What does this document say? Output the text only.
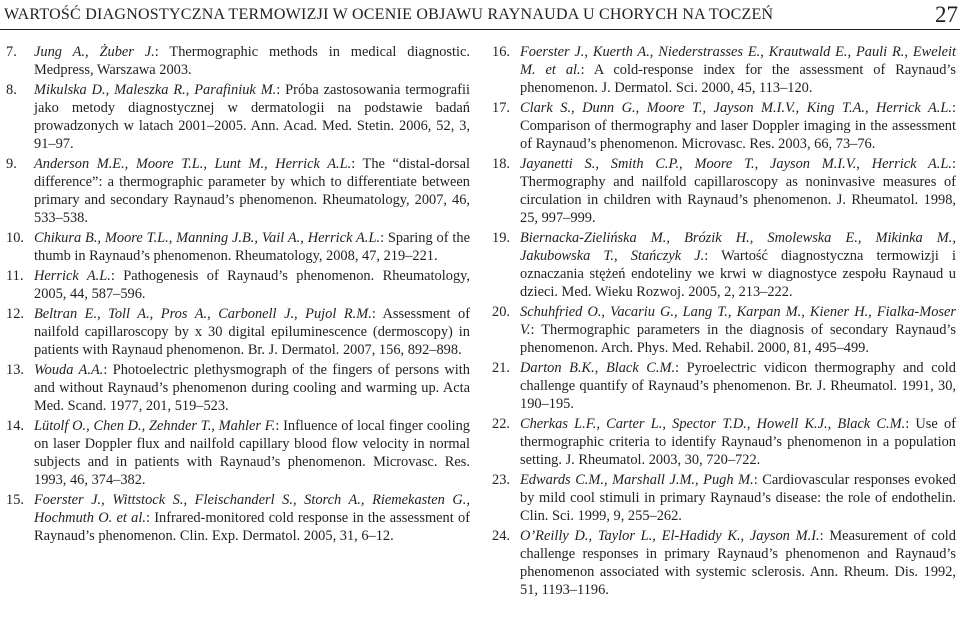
WARTOŚĆ DIAGNOSTYCZNA TERMOWIZJI W OCENIE OBJAWU RAYNAUDA U CHORYCH NA TOCZEŃ	27
7.	Jung A., Żuber J.: Thermographic methods in medical diagnostic. Medpress, Warszawa 2003.
8.	Mikulska D., Maleszka R., Parafiniuk M.: Próba zastosowania termografii jako metody diagnostycznej w dermatologii na podstawie badań prowadzonych w latach 2001–2005. Ann. Acad. Med. Stetin. 2006, 52, 3, 91–97.
9.	Anderson M.E., Moore T.L., Lunt M., Herrick A.L.: The “distal-dorsal difference”: a thermographic parameter by which to differentiate between primary and secondary Raynaud’s phenomenon. Rheumatology, 2007, 46, 533–538.
10. Chikura B., Moore T.L., Manning J.B., Vail A., Herrick A.L.: Sparing of the thumb in Raynaud’s phenomenon. Rheumatology, 2008, 47, 219–221.
11. Herrick A.L.: Pathogenesis of Raynaud’s phenomenon. Rheumatology, 2005, 44, 587–596.
12. Beltran E., Toll A., Pros A., Carbonell J., Pujol R.M.: Assessment of nailfold capillaroscopy by x 30 digital epiluminescence (dermoscopy) in patients with Raynaud phenomenon. Br. J. Dermatol. 2007, 156, 892–898.
13. Wouda A.A.: Photoelectric plethysmograph of the fingers of persons with and without Raynaud’s phenomenon during cooling and warming up. Acta Med. Scand. 1977, 201, 519–523.
14. Lütolf O., Chen D., Zehnder T., Mahler F.: Influence of local finger cooling on laser Doppler flux and nailfold capillary blood flow velocity in normal subjects and in patients with Raynaud’s phenomenon. Microvasc. Res. 1993, 46, 374–382.
15. Foerster J., Wittstock S., Fleischanderl S., Storch A., Riemekasten G., Hochmuth O. et al.: Infrared-monitored cold response in the assessment of Raynaud’s phenomenon. Clin. Exp. Dermatol. 2005, 31, 6–12.
16. Foerster J., Kuerth A., Niederstrasses E., Krautwald E., Pauli R., Eweleit M. et al.: A cold-response index for the assessment of Raynaud’s phenomenon. J. Dermatol. Sci. 2000, 45, 113–120.
17. Clark S., Dunn G., Moore T., Jayson M.I.V., King T.A., Herrick A.L.: Comparison of thermography and laser Doppler imaging in the assessment of Raynaud’s phenomenon. Microvasc. Res. 2003, 66, 73–76.
18. Jayanetti S., Smith C.P., Moore T., Jayson M.I.V., Herrick A.L.: Thermography and nailfold capillaroscopy as noninvasive measures of circulation in children with Raynaud’s phenomenon. J. Rheumatol. 1998, 25, 997–999.
19. Biernacka-Zielińska M., Brózik H., Smolewska E., Mikinka M., Jakubowska T., Stańczyk J.: Wartość diagnostyczna termowizji i oznaczania stężeń endoteliny we krwi w diagnostyce zespołu Raynaud u dzieci. Med. Wieku Rozwoj. 2005, 2, 213–222.
20. Schuhfried O., Vacariu G., Lang T., Karpan M., Kiener H., Fialka-Moser V.: Thermographic parameters in the diagnosis of secondary Raynaud’s phenomenon. Arch. Phys. Med. Rehabil. 2000, 81, 495–499.
21. Darton B.K., Black C.M.: Pyroelectric vidicon thermography and cold challenge quantify of Raynaud’s phenomenon. Br. J. Rheumatol. 1991, 30, 190–195.
22. Cherkas L.F., Carter L., Spector T.D., Howell K.J., Black C.M.: Use of thermographic criteria to identify Raynaud’s phenomenon in a population setting. J. Rheumatol. 2003, 30, 720–722.
23. Edwards C.M., Marshall J.M., Pugh M.: Cardiovascular responses evoked by mild cool stimuli in primary Raynaud’s disease: the role of endothelin. Clin. Sci. 1999, 9, 255–262.
24. O’Reilly D., Taylor L., El-Hadidy K., Jayson M.I.: Measurement of cold challenge responses in primary Raynaud’s phenomenon and Raynaud’s phenomenon associated with systemic sclerosis. Ann. Rheum. Dis. 1992, 51, 1193–1196.
